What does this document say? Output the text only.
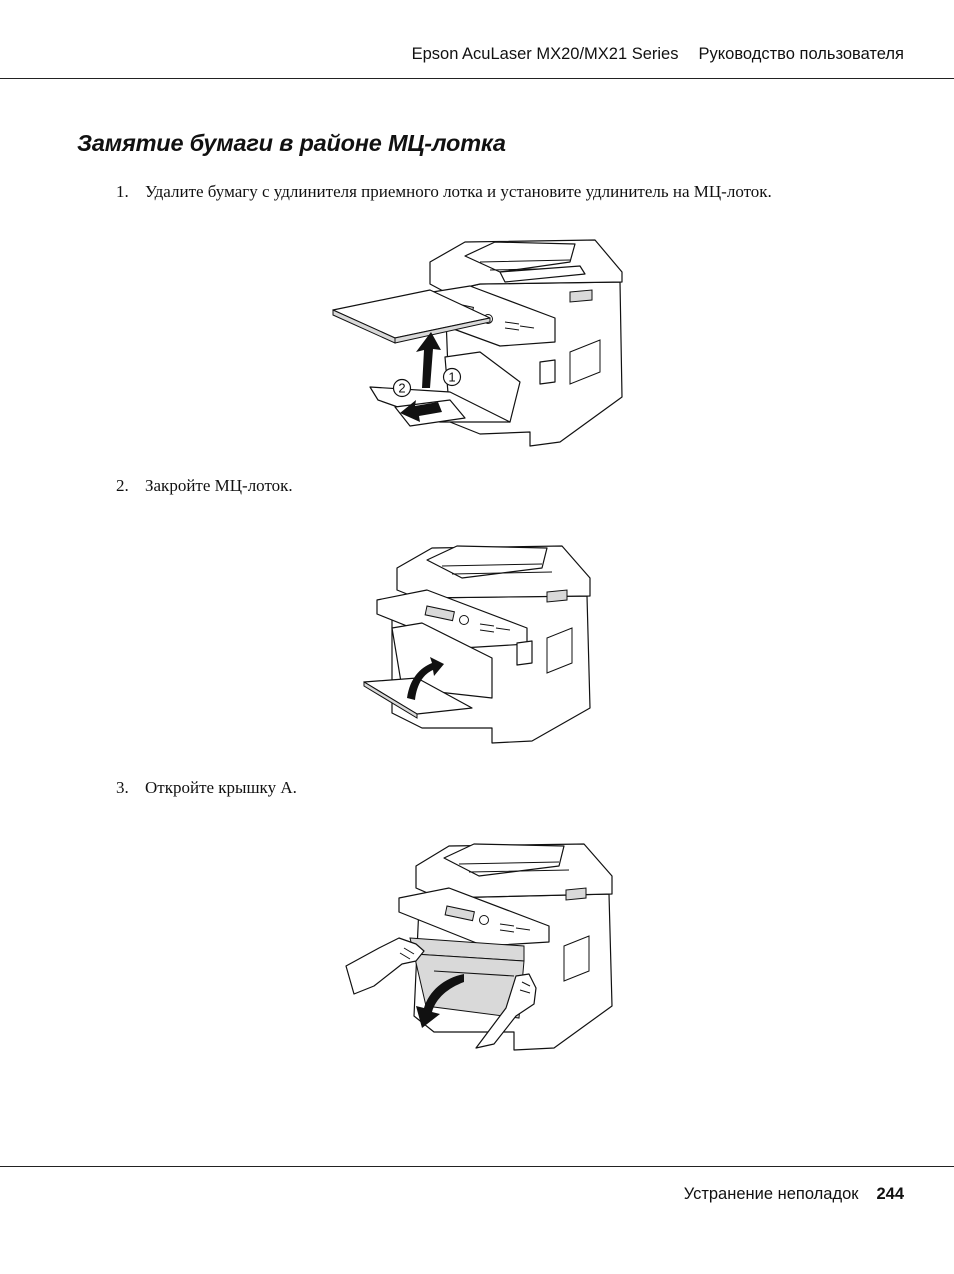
Epson AcuLaser MX20/MX21 Series Руководство пользователя
Замятие бумаги в районе МЦ-лотка
1. Удалите бумагу с удлинителя приемного лотка и установите удлинитель на МЦ-лоток.
1
2
2. Закройте МЦ-лоток.
3. Откройте крышку А.
Устранение неполадок 244
